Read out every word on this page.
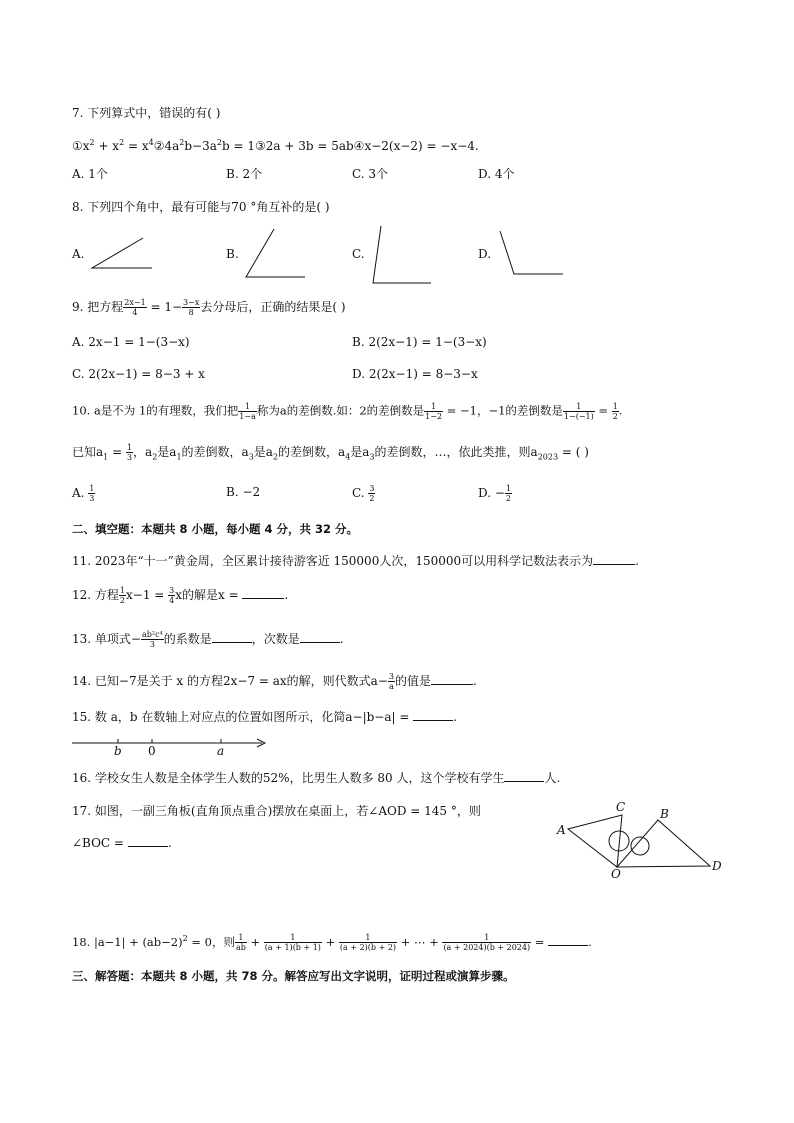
7. 下列算式中，错误的有( )
$①x^2 + x^2$ = $x^4②4a^2b-3a^2b$ = 1③2a + 3b = 5ab④x−2(x−2) = −x−4.
A. 1个	B. 2个	C. 3个	D. 4个
8. 下列四个角中，最有可能与70 °角互补的是( )
A.	B.	C.	D.
9. 把方程 $\frac{2x-1}{4} = 1- \frac{3-x}{8}$ 去分母后，正确的结果是( )
A. 2x−1 = 1−(3−x)	B. 2(2x−1) = 1−(3−x)
C. 2(2x−1) = 8−3 + x	D. 2(2x−1) = 8−3−x
10. a是不为 1的有理数，我们把 $\frac{1}{1-a}$ 称为a的差倒数.如：2的差倒数是 $\frac{1}{1-2} = -1$，−1的差倒数是 $\frac{1}{1-(-1)} = \frac{1}{2}$ .
已知$a_1 = \frac{1}{3}$ ，$a_2$是$a_1$的差倒数，$a_3$是$a_2$的差倒数，$a_4$是$a_3$的差倒数，…，依此类推，则$a_{2023}$ = ( )
A. $\frac{1}{3}$	B. −2	C. $\frac{3}{2}$	D. − $\frac{1}{2}$
二、填空题：本题共 8 小题，每小题 4 分，共 32 分。
11. 2023年“十一”黄金周，全区累计接待游客近 150000人次，150000可以用科学记数法表示为	.
12. 方程 $\frac{1}{2} x-1 = \frac{3}{4}$ x的解是x =	.
13. 单项式− $\frac{\text{ab²c⁴}}{3}$ 的系数是	，次数是	.
14. 已知−7是关于 x 的方程2x−7 = ax的解，则代数式$a- \frac{3}{a}$ 的值是	.
15. 数 a，b 在数轴上对应点的位置如图所示，化简a−|b−a| =	.
b 0	a
16. 学校女生人数是全体学生人数的52%，比男生人数多 80 人，这个学校有学生	人.
17. 如图，一副三角板(直角顶点重合)摆放在桌面上，若∠AOD = 145 °，则
∠BOC =	.
A
C	B
D
O
18. $|a-1| + (ab-2)^2 = 0$，则 $\frac{1}{ab} + \frac{1}{(a + 1)(b + 1)} + \frac{1}{(a + 2)(b + 2)}$ + ⋯ + $\frac{1}{(a + 2024)(b + 2024)}$ =	.
三、解答题：本题共 8 小题，共 78 分。解答应写出文字说明，证明过程或演算步骤。
